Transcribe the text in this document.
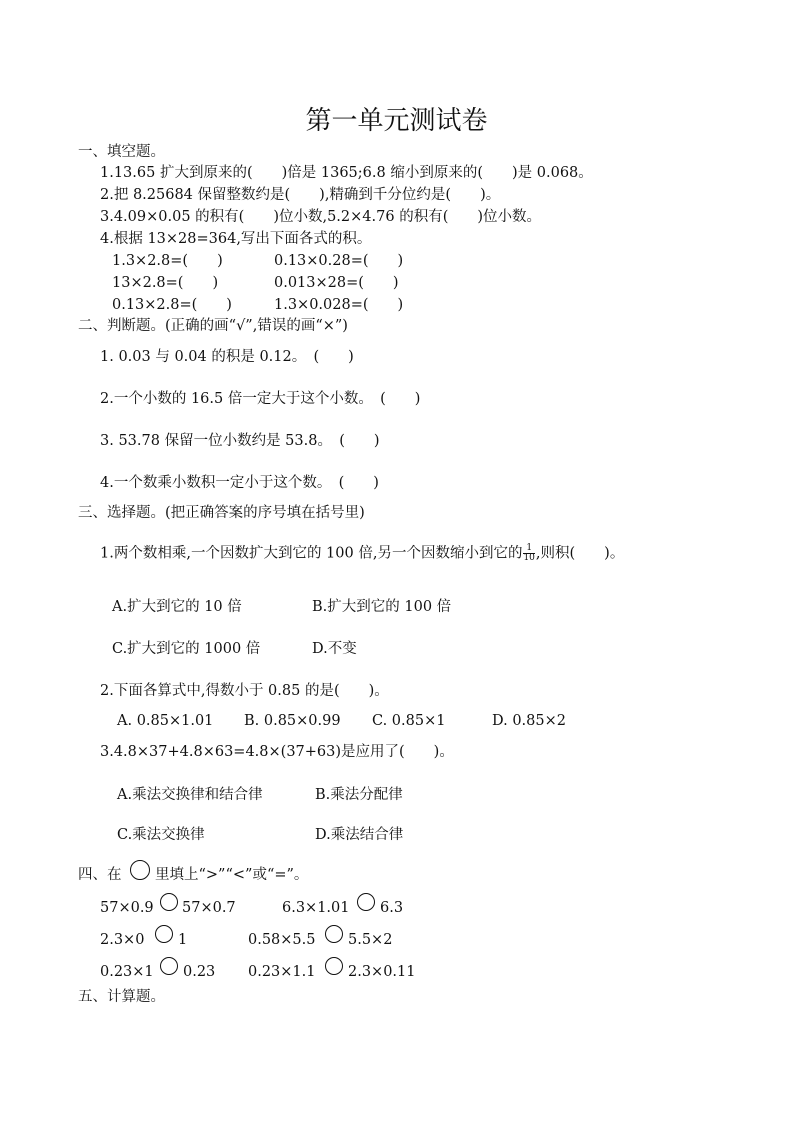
第一单元测试卷
一、填空题。
1.13.65 扩大到原来的(　　)倍是 1365;6.8 缩小到原来的(　　)是 0.068。
2.把 8.25684 保留整数约是(　　),精确到千分位约是(　　)。
3.4.09×0.05 的积有(　　)位小数,5.2×4.76 的积有(　　)位小数。
4.根据 13×28=364,写出下面各式的积。
1.3×2.8=(　　)	0.13×0.28=(　　)
13×2.8=(　　)	0.013×28=(　　)
0.13×2.8=(　　)	1.3×0.028=(　　)
二、判断题。(正确的画“√”,错误的画“×”)
1. 0.03 与 0.04 的积是 0.12。　(　　)
2.一个小数的 16.5 倍一定大于这个小数。　(　　)
3. 53.78 保留一位小数约是 53.8。　(　　)
4.一个数乘小数积一定小于这个数。　(　　)
三、选择题。(把正确答案的序号填在括号里)
1.两个数相乘,一个因数扩大到它的 100 倍,另一个因数缩小到它的 $\frac{1}{10}$ ,则积(　　)。
A.扩大到它的 10 倍	B.扩大到它的 100 倍
C.扩大到它的 1000 倍	D.不变
2.下面各算式中,得数小于 0.85 的是(　　)。
A. 0.85×1.01 B. 0.85×0.99 C. 0.85×1	D. 0.85×2
3.4.8×37+4.8×63=4.8×(37+63)是应用了(　　)。
A.乘法交换律和结合律	B.乘法分配律
C.乘法交换律	D.乘法结合律
四、在 里填上“>”“<”或“=”。
57×0.9 57×0.7	6.3×1.01 6.3
2.3×0 1	0.58×5.5 5.5×2
0.23×1 0.23 0.23×1.1 2.3×0.11
五、计算题。
